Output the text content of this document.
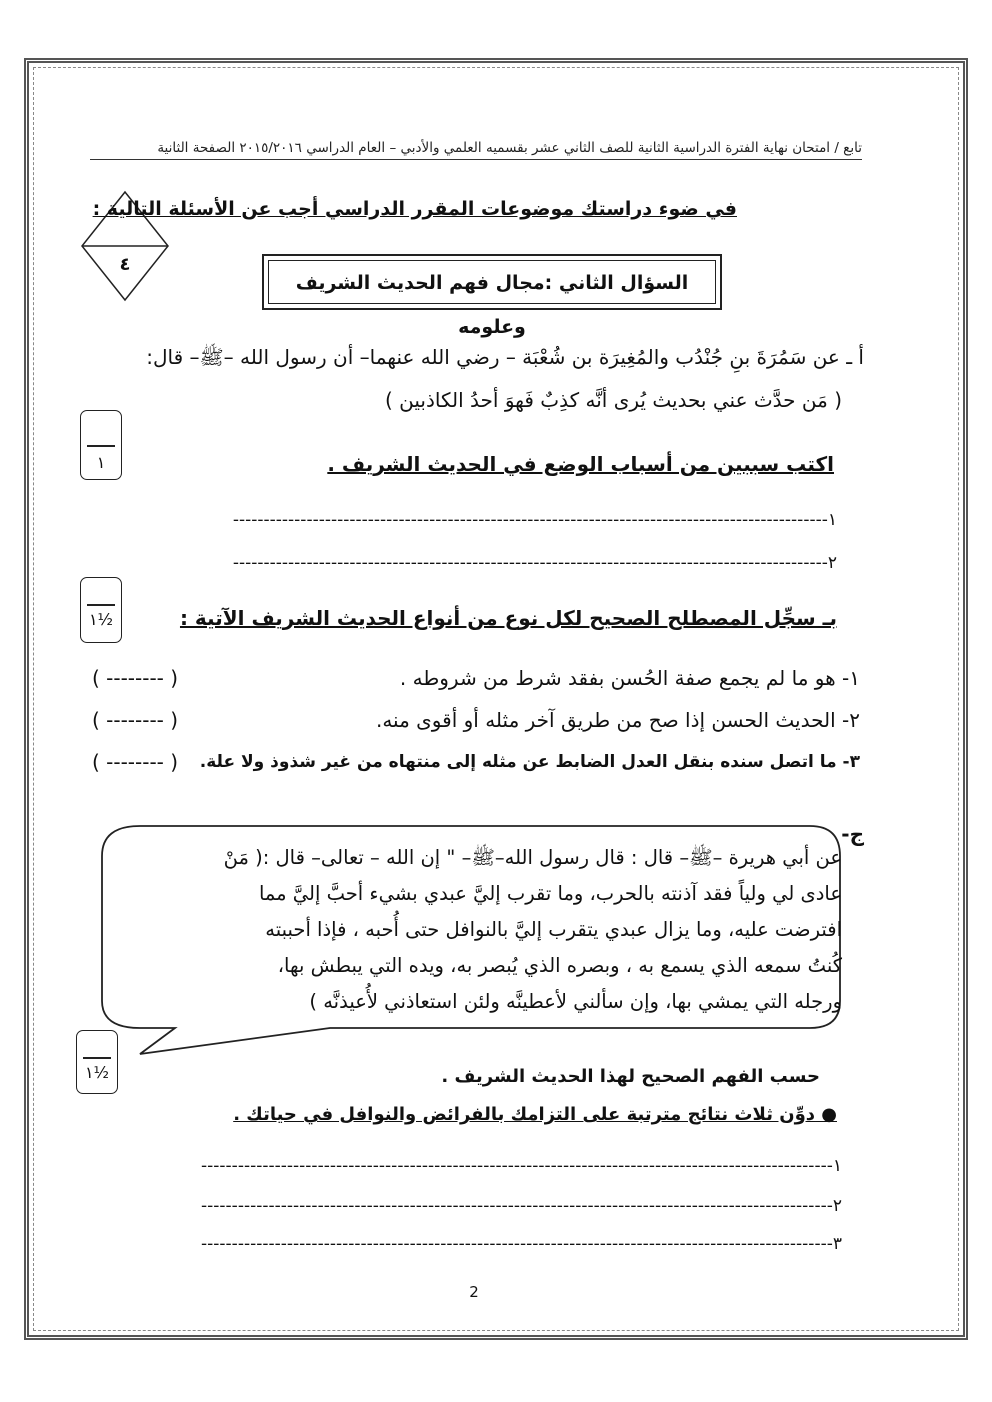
تابع / امتحان نهاية الفترة الدراسية الثانية للصف الثاني عشر بقسميه العلمي والأدبي – العام الدراسي ٢٠١٥/٢٠١٦ الصفحة الثانية
٤
في ضوء دراستك موضوعات المقرر الدراسي أجب عن الأسئلة التالية :
السؤال الثاني :مجال فهم الحديث الشريف وعلومه
أ ـ عن سَمُرَةَ بنِ جُنْدُب والمُغِيرَة بن شُعْبَة – رضي الله عنهما– أن رسول الله –ﷺ– قال:
( مَن حدَّث عني بحديث يُرى أنَّه كذِبٌ فَهوَ أحدُ الكاذبين )
١	اكتب سببين من أسباب الوضع في الحديث الشريف .
١-------------------------------------------------------------------------------------------------
٢-------------------------------------------------------------------------------------------------
١½	بـ سجِّل المصطلح الصحيح لكل نوع من أنواع الحديث الشريف الآتية :
١- هو ما لم يجمع صفة الحُسن بفقد شرط من شروطه .
( -------- )
٢- الحديث الحسن إذا صح من طريق آخر مثله أو أقوى منه.
( -------- )
٣- ما اتصل سنده بنقل العدل الضابط عن مثله إلى منتهاه من غير شذوذ ولا علة.
( -------- )
ج-
عن أبي هريرة –ﷺ– قال : قال رسول الله–ﷺ– " إن الله – تعالى– قال :( مَنْ
عادى لي ولياً فقد آذنته بالحرب، وما تقرب إليَّ عبدي بشيء أحبَّ إليَّ مما
افترضت عليه، وما يزال عبدي يتقرب إليَّ بالنوافل حتى أُحبه ، فإذا أحببته
كُنتُ سمعه الذي يسمع به ، وبصره الذي يُبصر به، ويده التي يبطش بها،
ورجله التي يمشي بها، وإن سألني لأعطينَّه ولئن استعاذني لأُعيذنَّه )
١½	حسب الفهم الصحيح لهذا الحديث الشريف .
● دوِّن ثلاث نتائج مترتبة على التزامك بالفرائض والنوافل في حياتك .
١-------------------------------------------------------------------------------------------------------
٢-------------------------------------------------------------------------------------------------------
٣-------------------------------------------------------------------------------------------------------
2
